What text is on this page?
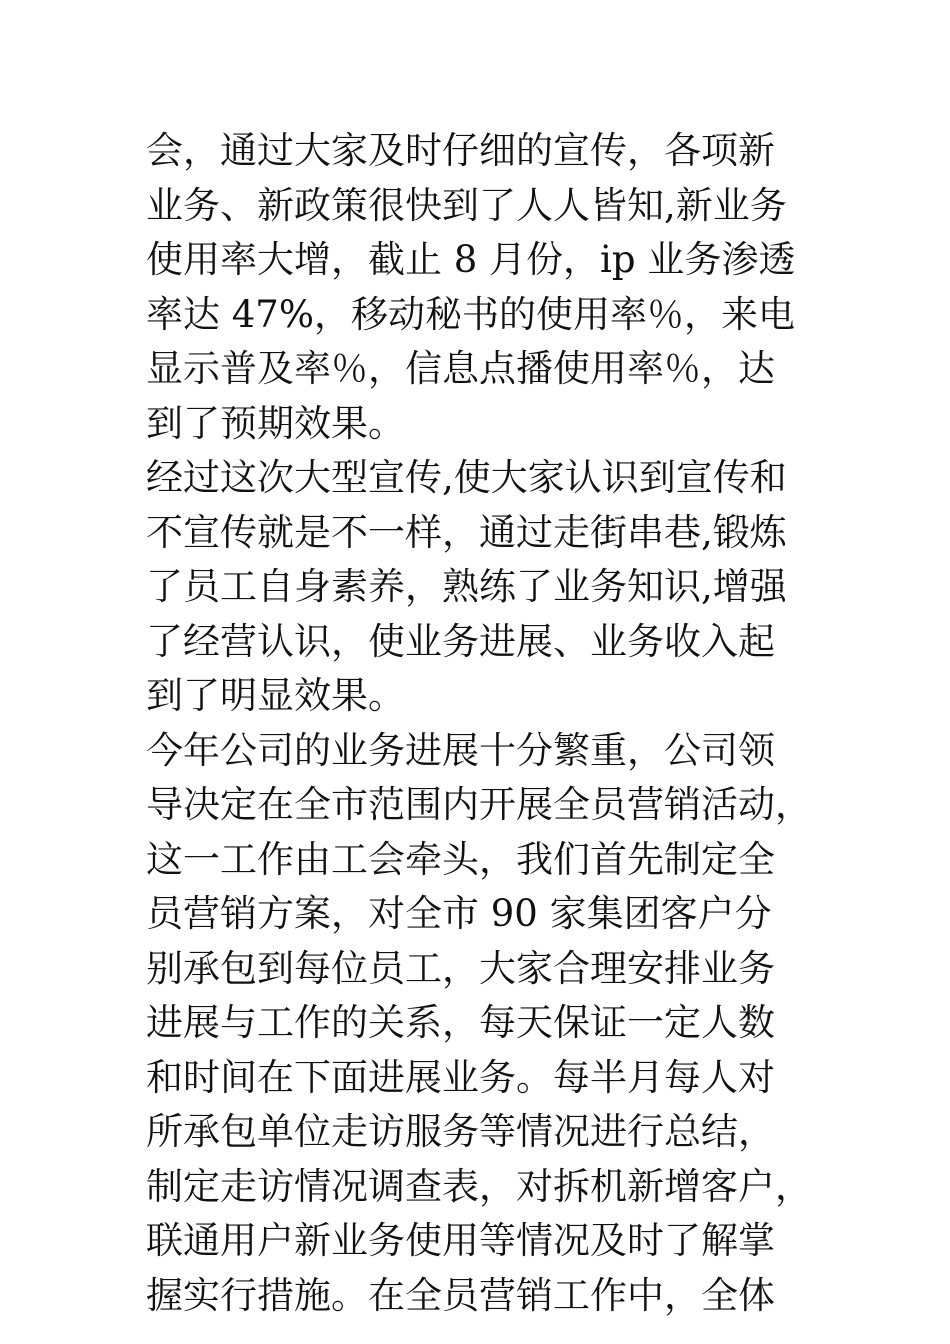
会，通过大家及时仔细的宣传，各项新
业务、新政策很快到了人人皆知,新业务
使用率大增，截止 8 月份，ip 业务渗透
率达 47%，移动秘书的使用率％，来电
显示普及率％，信息点播使用率％，达
到了预期效果。
经过这次大型宣传,使大家认识到宣传和
不宣传就是不一样，通过走街串巷,锻炼
了员工自身素养，熟练了业务知识,增强
了经营认识，使业务进展、业务收入起
到了明显效果。
今年公司的业务进展十分繁重，公司领
导决定在全市范围内开展全员营销活动，
这一工作由工会牵头，我们首先制定全
员营销方案，对全市 90 家集团客户分
别承包到每位员工，大家合理安排业务
进展与工作的关系，每天保证一定人数
和时间在下面进展业务。每半月每人对
所承包单位走访服务等情况进行总结，
制定走访情况调查表，对拆机新增客户，
联通用户新业务使用等情况及时了解掌
握实行措施。在全员营销工作中，全体
